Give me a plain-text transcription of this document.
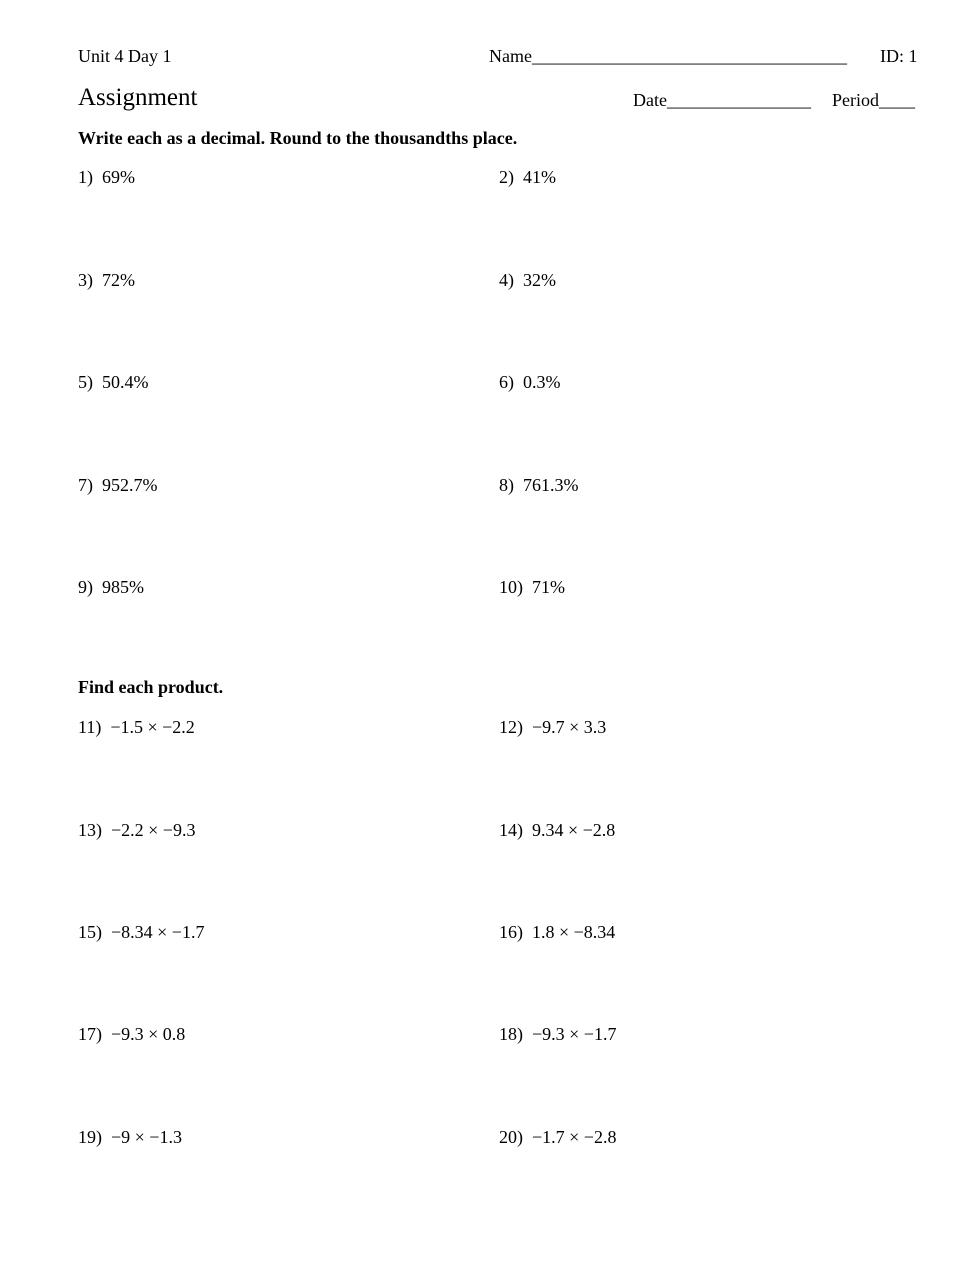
Unit 4 Day 1	Name___________________________________ ID: 1
Assignment	Date________________ Period____
Write each as a decimal. Round to the thousandths place.
1) 69%	2) 41%
3) 72%	4) 32%
5) 50.4%	6) 0.3%
7) 952.7%	8) 761.3%
9) 985%	10) 71%
Find each product.
11) −1.5 × −2.2	12) −9.7 × 3.3
13) −2.2 × −9.3	14) 9.34 × −2.8
15) −8.34 × −1.7	16) 1.8 × −8.34
17) −9.3 × 0.8	18) −9.3 × −1.7
19) −9 × −1.3	20) −1.7 × −2.8
